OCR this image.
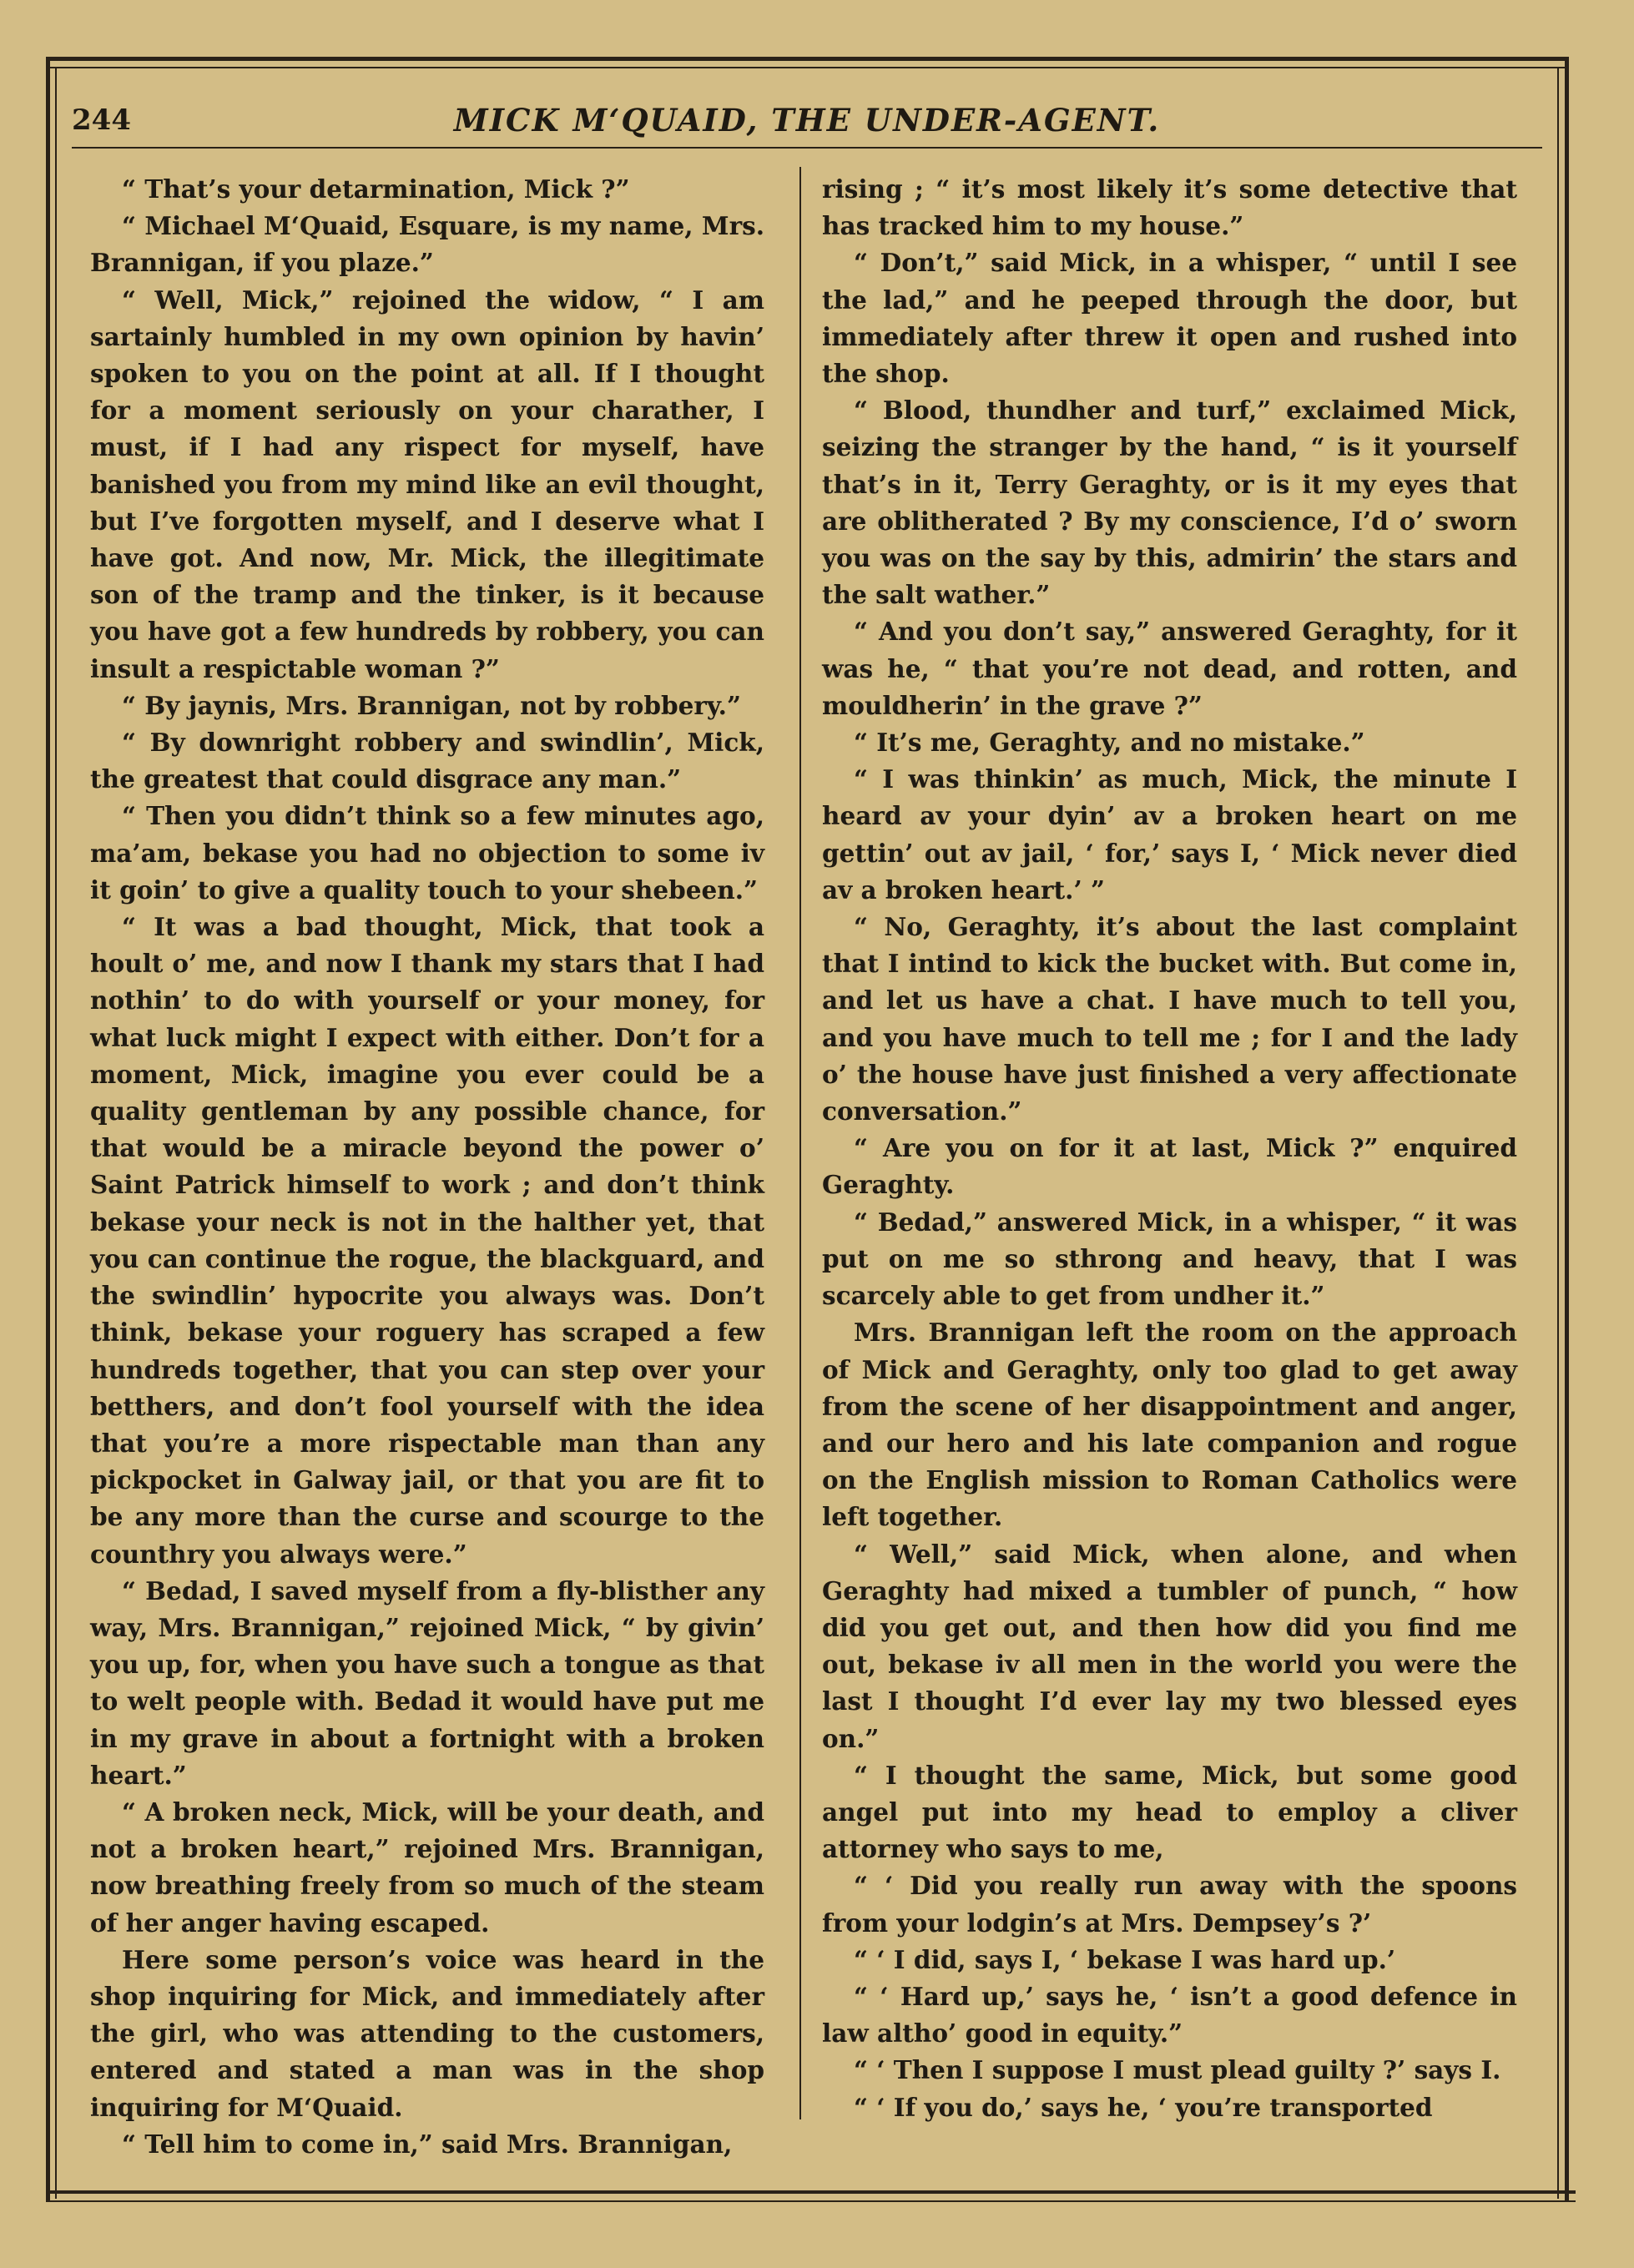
244	MICK M‘QUAID, THE UNDER-AGENT.

“ That’s your detarmination, Mick ?”

“ Michael M‘Quaid, Esquare, is my name, Mrs. Brannigan, if you plaze.”

“ Well, Mick,” rejoined the widow, “ I am sartainly humbled in my own opinion by havin’ spoken to you on the point at all. If I thought for a moment seriously on your charather, I must, if I had any rispect for myself, have banished you from my mind like an evil thought, but I’ve forgotten myself, and I deserve what I have got. And now, Mr. Mick, the illegitimate son of the tramp and the tinker, is it because you have got a few hundreds by robbery, you can insult a respictable woman ?”

“ By jaynis, Mrs. Brannigan, not by robbery.”

“ By downright robbery and swindlin’, Mick, the greatest that could disgrace any man.”

“ Then you didn’t think so a few minutes ago, ma’am, bekase you had no objection to some iv it goin’ to give a quality touch to your shebeen.”

“ It was a bad thought, Mick, that took a hoult o’ me, and now I thank my stars that I had nothin’ to do with yourself or your money, for what luck might I expect with either. Don’t for a moment, Mick, imagine you ever could be a quality gentleman by any possible chance, for that would be a miracle beyond the power o’ Saint Patrick himself to work ; and don’t think bekase your neck is not in the halther yet, that you can continue the rogue, the blackguard, and the swindlin’ hypocrite you always was. Don’t think, bekase your roguery has scraped a few hundreds together, that you can step over your betthers, and don’t fool yourself with the idea that you’re a more rispectable man than any pickpocket in Galway jail, or that you are fit to be any more than the curse and scourge to the counthry you always were.”

“ Bedad, I saved myself from a fly-blisther any way, Mrs. Brannigan,” rejoined Mick, “ by givin’ you up, for, when you have such a tongue as that to welt people with. Bedad it would have put me in my grave in about a fortnight with a broken heart.”

“ A broken neck, Mick, will be your death, and not a broken heart,” rejoined Mrs. Brannigan, now breathing freely from so much of the steam of her anger having escaped.

Here some person’s voice was heard in the shop inquiring for Mick, and immediately after the girl, who was attending to the customers, entered and stated a man was in the shop inquiring for M‘Quaid.

“ Tell him to come in,” said Mrs. Brannigan,

rising ; “ it’s most likely it’s some detective that has tracked him to my house.”

“ Don’t,” said Mick, in a whisper, “ until I see the lad,” and he peeped through the door, but immediately after threw it open and rushed into the shop.

“ Blood, thundher and turf,” exclaimed Mick, seizing the stranger by the hand, “ is it yourself that’s in it, Terry Geraghty, or is it my eyes that are oblitherated ? By my conscience, I’d o’ sworn you was on the say by this, admirin’ the stars and the salt wather.”

“ And you don’t say,” answered Geraghty, for it was he, “ that you’re not dead, and rotten, and mouldherin’ in the grave ?”

“ It’s me, Geraghty, and no mistake.”

“ I was thinkin’ as much, Mick, the minute I heard av your dyin’ av a broken heart on me gettin’ out av jail, ‘ for,’ says I, ‘ Mick never died av a broken heart.’ ”

“ No, Geraghty, it’s about the last complaint that I intind to kick the bucket with. But come in, and let us have a chat. I have much to tell you, and you have much to tell me ; for I and the lady o’ the house have just finished a very affectionate conversation.”

“ Are you on for it at last, Mick ?” enquired Geraghty.

“ Bedad,” answered Mick, in a whisper, “ it was put on me so sthrong and heavy, that I was scarcely able to get from undher it.”

Mrs. Brannigan left the room on the approach of Mick and Geraghty, only too glad to get away from the scene of her disappointment and anger, and our hero and his late companion and rogue on the English mission to Roman Catholics were left together.

“ Well,” said Mick, when alone, and when Geraghty had mixed a tumbler of punch, “ how did you get out, and then how did you find me out, bekase iv all men in the world you were the last I thought I’d ever lay my two blessed eyes on.”

“ I thought the same, Mick, but some good angel put into my head to employ a cliver attorney who says to me,

“ ‘ Did you really run away with the spoons from your lodgin’s at Mrs. Dempsey’s ?’

“ ‘ I did, says I, ‘ bekase I was hard up.’

“ ‘ Hard up,’ says he, ‘ isn’t a good defence in law altho’ good in equity.”

“ ‘ Then I suppose I must plead guilty ?’ says I.

“ ‘ If you do,’ says he, ‘ you’re transported
